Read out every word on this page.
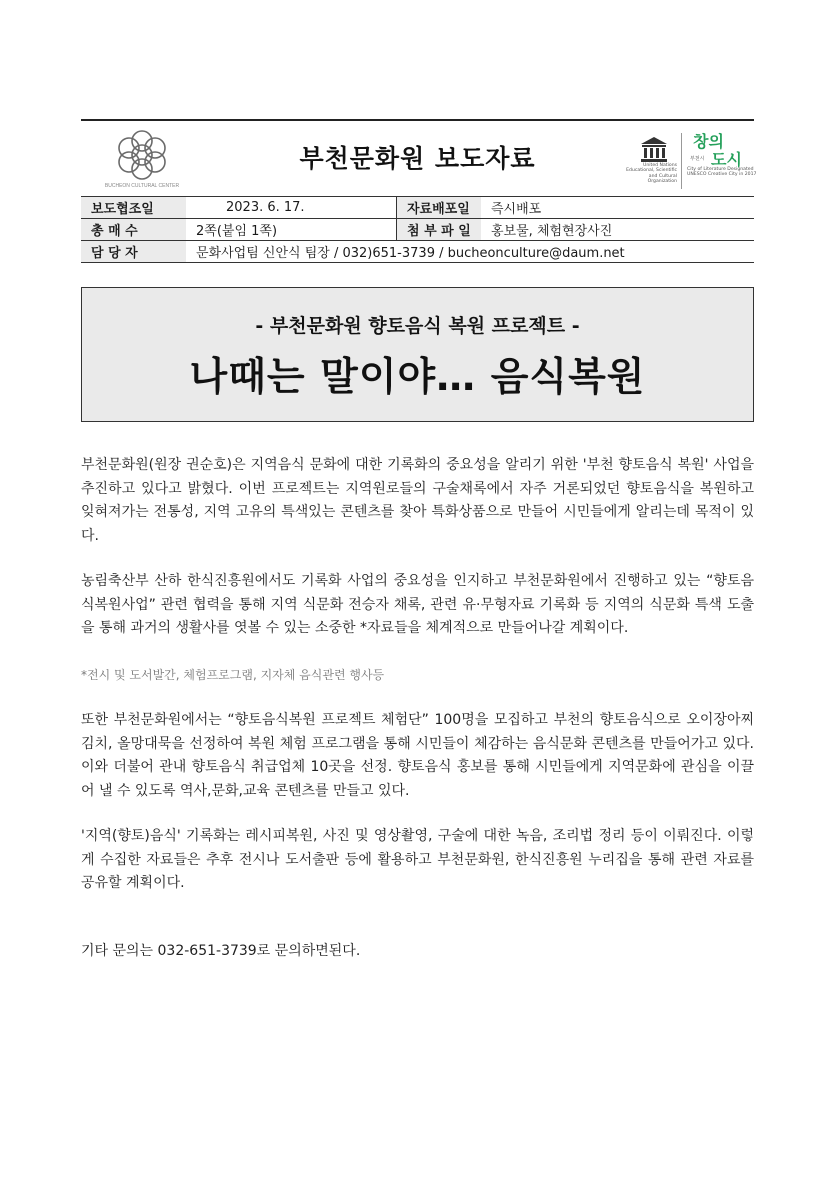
BUCHEON CULTURAL CENTER
부천문화원 보도자료	United Nations Educational, Scientific and Cultural Organization
창의
도시
부천시
City of Literature Designated UNESCO Creative City in 2017
보도협조일	2023. 6. 17.	자료배포일	즉시배포
총 매 수	2쪽(붙임 1쪽)	첨 부 파 일	홍보물, 체험현장사진
담 당 자	문화사업팀 신안식 팀장 / 032)651-3739 / bucheonculture@daum.net		
- 부천문화원 향토음식 복원 프로젝트 -
나때는 말이야… 음식복원

부천문화원(원장 권순호)은 지역음식 문화에 대한 기록화의 중요성을 알리기 위한 '부천 향토음식 복원' 사업을 추진하고 있다고 밝혔다. 이번 프로젝트는 지역원로들의 구술채록에서 자주 거론되었던 향토음식을 복원하고 잊혀져가는 전통성, 지역 고유의 특색있는 콘텐츠를 찾아 특화상품으로 만들어 시민들에게 알리는데 목적이 있다.

농림축산부 산하 한식진흥원에서도 기록화 사업의 중요성을 인지하고 부천문화원에서 진행하고 있는 “향토음식복원사업” 관련 협력을 통해 지역 식문화 전승자 채록, 관련 유·무형자료 기록화 등 지역의 식문화 특색 도출을 통해 과거의 생활사를 엿볼 수 있는 소중한 *자료들을 체계적으로 만들어나갈 계획이다.

*전시 및 도서발간, 체험프로그램, 지자체 음식관련 행사등

또한 부천문화원에서는 “향토음식복원 프로젝트 체험단” 100명을 모집하고 부천의 향토음식으로 오이장아찌김치, 올망대묵을 선정하여 복원 체험 프로그램을 통해 시민들이 체감하는 음식문화 콘텐츠를 만들어가고 있다. 이와 더불어 관내 향토음식 취급업체 10곳을 선정. 향토음식 홍보를 통해 시민들에게 지역문화에 관심을 이끌어 낼 수 있도록 역사,문화,교육 콘텐츠를 만들고 있다.

'지역(향토)음식' 기록화는 레시피복원, 사진 및 영상촬영, 구술에 대한 녹음, 조리법 정리 등이 이뤄진다. 이렇게 수집한 자료들은 추후 전시나 도서출판 등에 활용하고 부천문화원, 한식진흥원 누리집을 통해 관련 자료를 공유할 계획이다.

기타 문의는 032-651-3739로 문의하면된다.
